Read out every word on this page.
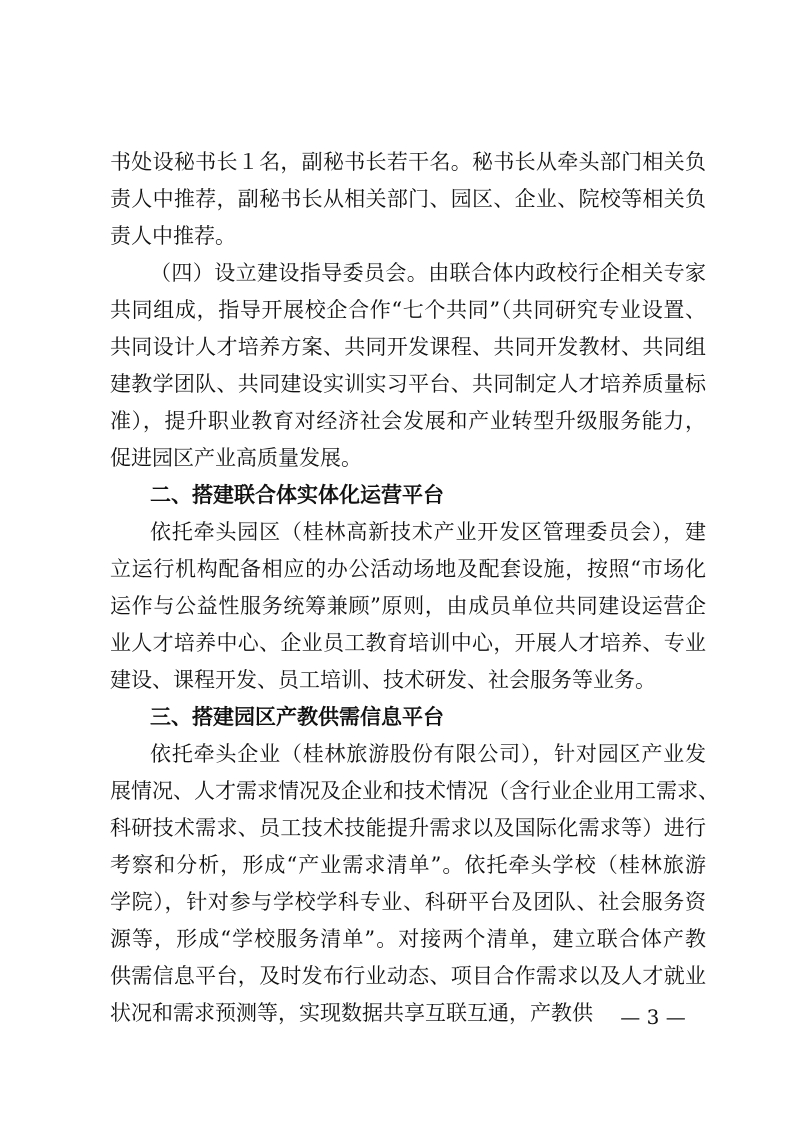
书处设秘书长１名，副秘书长若干名。秘书长从牵头部门相关负
责人中推荐，副秘书长从相关部门、园区、企业、院校等相关负
责人中推荐。
（四）设立建设指导委员会。由联合体内政校行企相关专家
共同组成，指导开展校企合作“七个共同”（共同研究专业设置、
共同设计人才培养方案、共同开发课程、共同开发教材、共同组
建教学团队、共同建设实训实习平台、共同制定人才培养质量标
准），提升职业教育对经济社会发展和产业转型升级服务能力，
促进园区产业高质量发展。
二、搭建联合体实体化运营平台
依托牵头园区（桂林高新技术产业开发区管理委员会），建
立运行机构配备相应的办公活动场地及配套设施，按照“市场化
运作与公益性服务统筹兼顾”原则，由成员单位共同建设运营企
业人才培养中心、企业员工教育培训中心，开展人才培养、专业
建设、课程开发、员工培训、技术研发、社会服务等业务。
三、搭建园区产教供需信息平台
依托牵头企业（桂林旅游股份有限公司），针对园区产业发
展情况、人才需求情况及企业和技术情况（含行业企业用工需求、
科研技术需求、员工技术技能提升需求以及国际化需求等）进行
考察和分析，形成“产业需求清单”。依托牵头学校（桂林旅游
学院），针对参与学校学科专业、科研平台及团队、社会服务资
源等，形成“学校服务清单”。对接两个清单，建立联合体产教
供需信息平台，及时发布行业动态、项目合作需求以及人才就业
状况和需求预测等，实现数据共享互联互通，产教供 — 3 —
